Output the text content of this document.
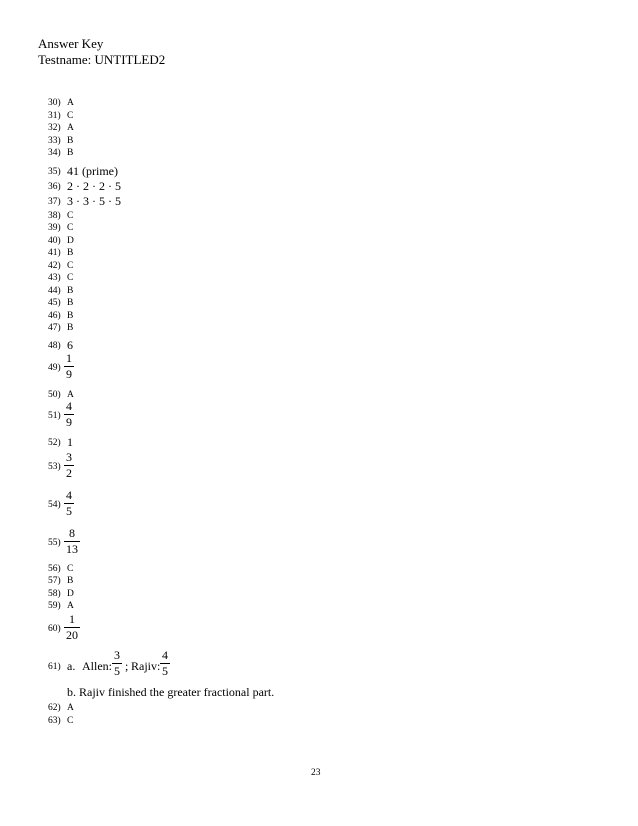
Answer Key
Testname: UNTITLED2
30) A
31) C
32) A
33) B
34) B
35) 41 (prime)
36) 2 · 2 · 2 · 5
37) 3 · 3 · 5 · 5
38) C
39) C
40) D
41) B
42) C
43) C
44) B
45) B
46) B
47) B
48) 6
49)
1
9
50) A
51)
4
9
52) 1
53)
3
2
54)
4
5
55)
8
13
56) C
57) B
58) D
59) A
60)
1
20
61) a. Allen:
3
5 ; Rajiv:
4
5
b. Rajiv finished the greater fractional part.
62) A
63) C
23
